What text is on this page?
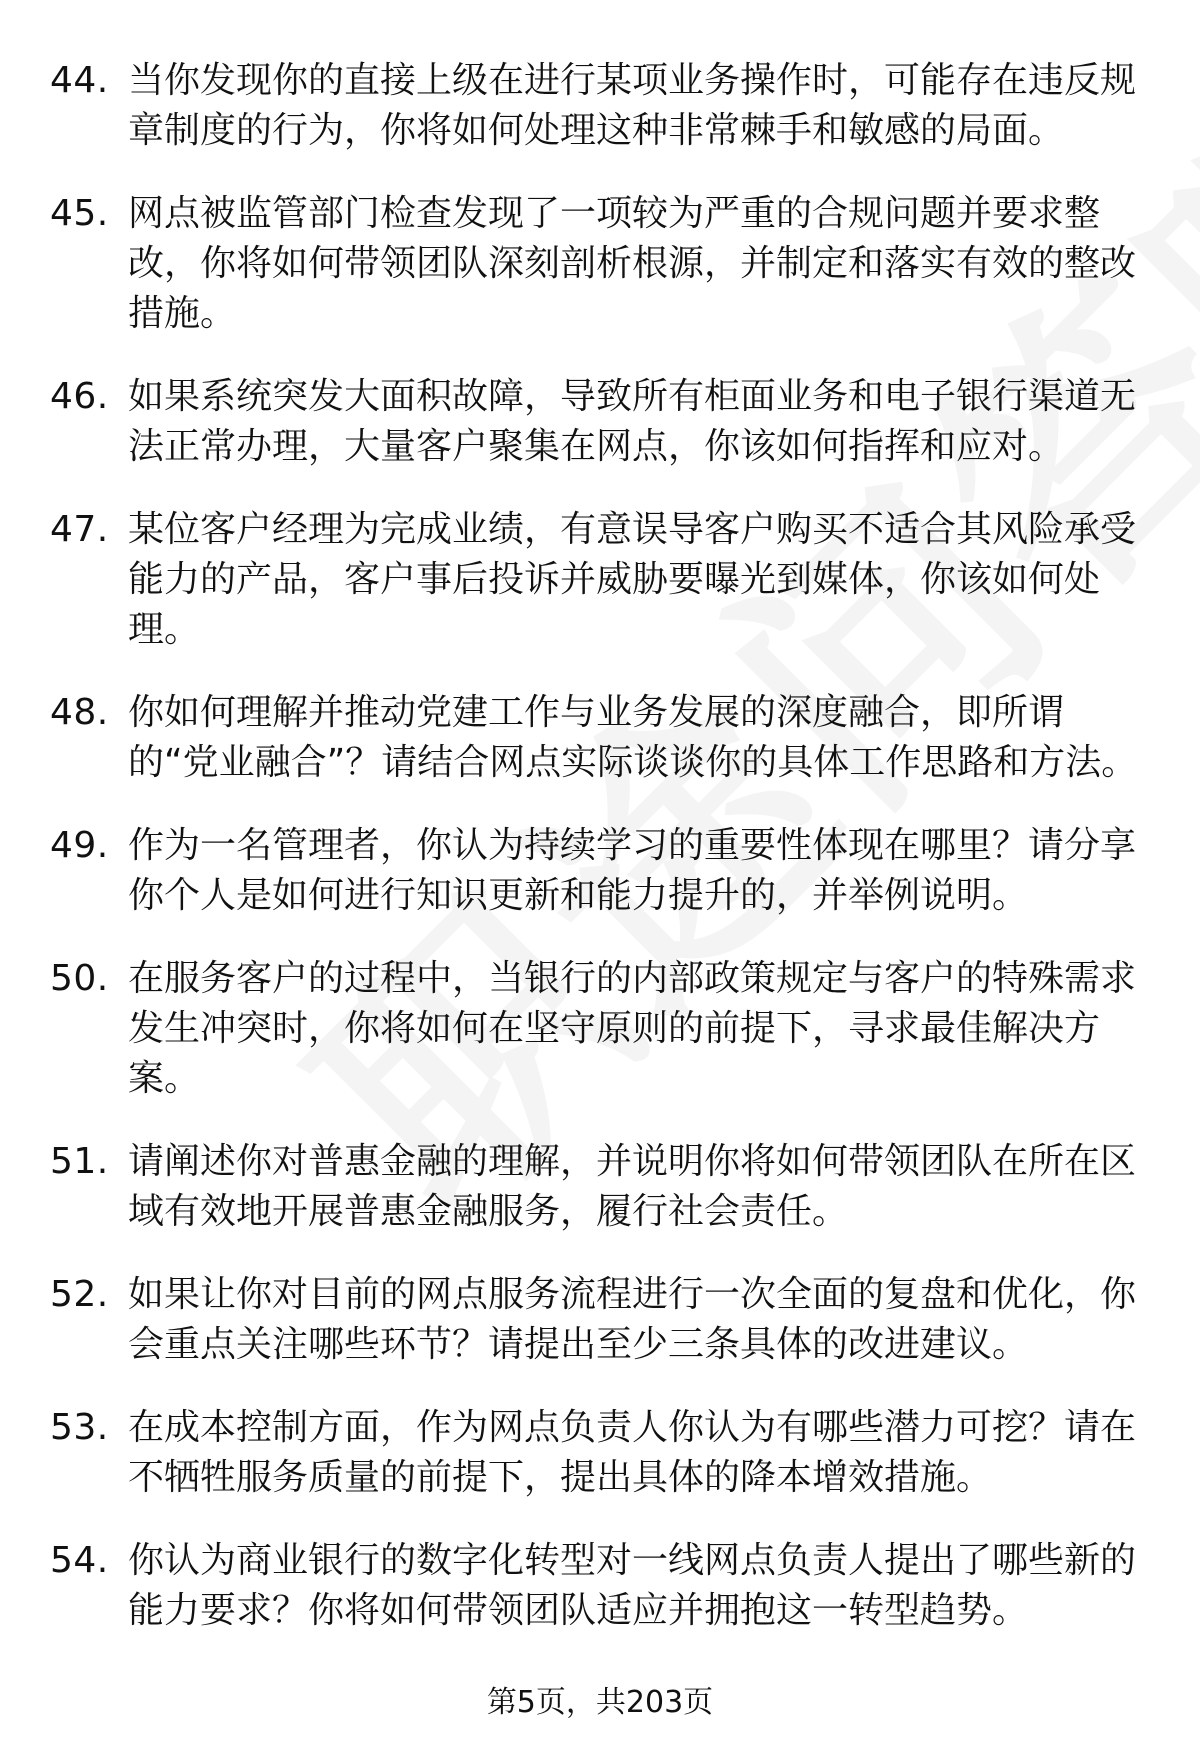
44. 当你发现你的直接上级在进行某项业务操作时，可能存在违反规章制度的行为，你将如何处理这种非常棘手和敏感的局面。
45. 网点被监管部门检查发现了一项较为严重的合规问题并要求整改，你将如何带领团队深刻剖析根源，并制定和落实有效的整改措施。
46. 如果系统突发大面积故障，导致所有柜面业务和电子银行渠道无法正常办理，大量客户聚集在网点，你该如何指挥和应对。
47. 某位客户经理为完成业绩，有意误导客户购买不适合其风险承受能力的产品，客户事后投诉并威胁要曝光到媒体，你该如何处理。
48. 你如何理解并推动党建工作与业务发展的深度融合，即所谓的“党业融合”？请结合网点实际谈谈你的具体工作思路和方法。
49. 作为一名管理者，你认为持续学习的重要性体现在哪里？请分享你个人是如何进行知识更新和能力提升的，并举例说明。
50. 在服务客户的过程中，当银行的内部政策规定与客户的特殊需求发生冲突时，你将如何在坚守原则的前提下，寻求最佳解决方案。
51. 请阐述你对普惠金融的理解，并说明你将如何带领团队在所在区域有效地开展普惠金融服务，履行社会责任。
52. 如果让你对目前的网点服务流程进行一次全面的复盘和优化，你会重点关注哪些环节？请提出至少三条具体的改进建议。
53. 在成本控制方面，作为网点负责人你认为有哪些潜力可挖？请在不牺牲服务质量的前提下，提出具体的降本增效措施。
54. 你认为商业银行的数字化转型对一线网点负责人提出了哪些新的能力要求？你将如何带领团队适应并拥抱这一转型趋势。
第5页，共203页
